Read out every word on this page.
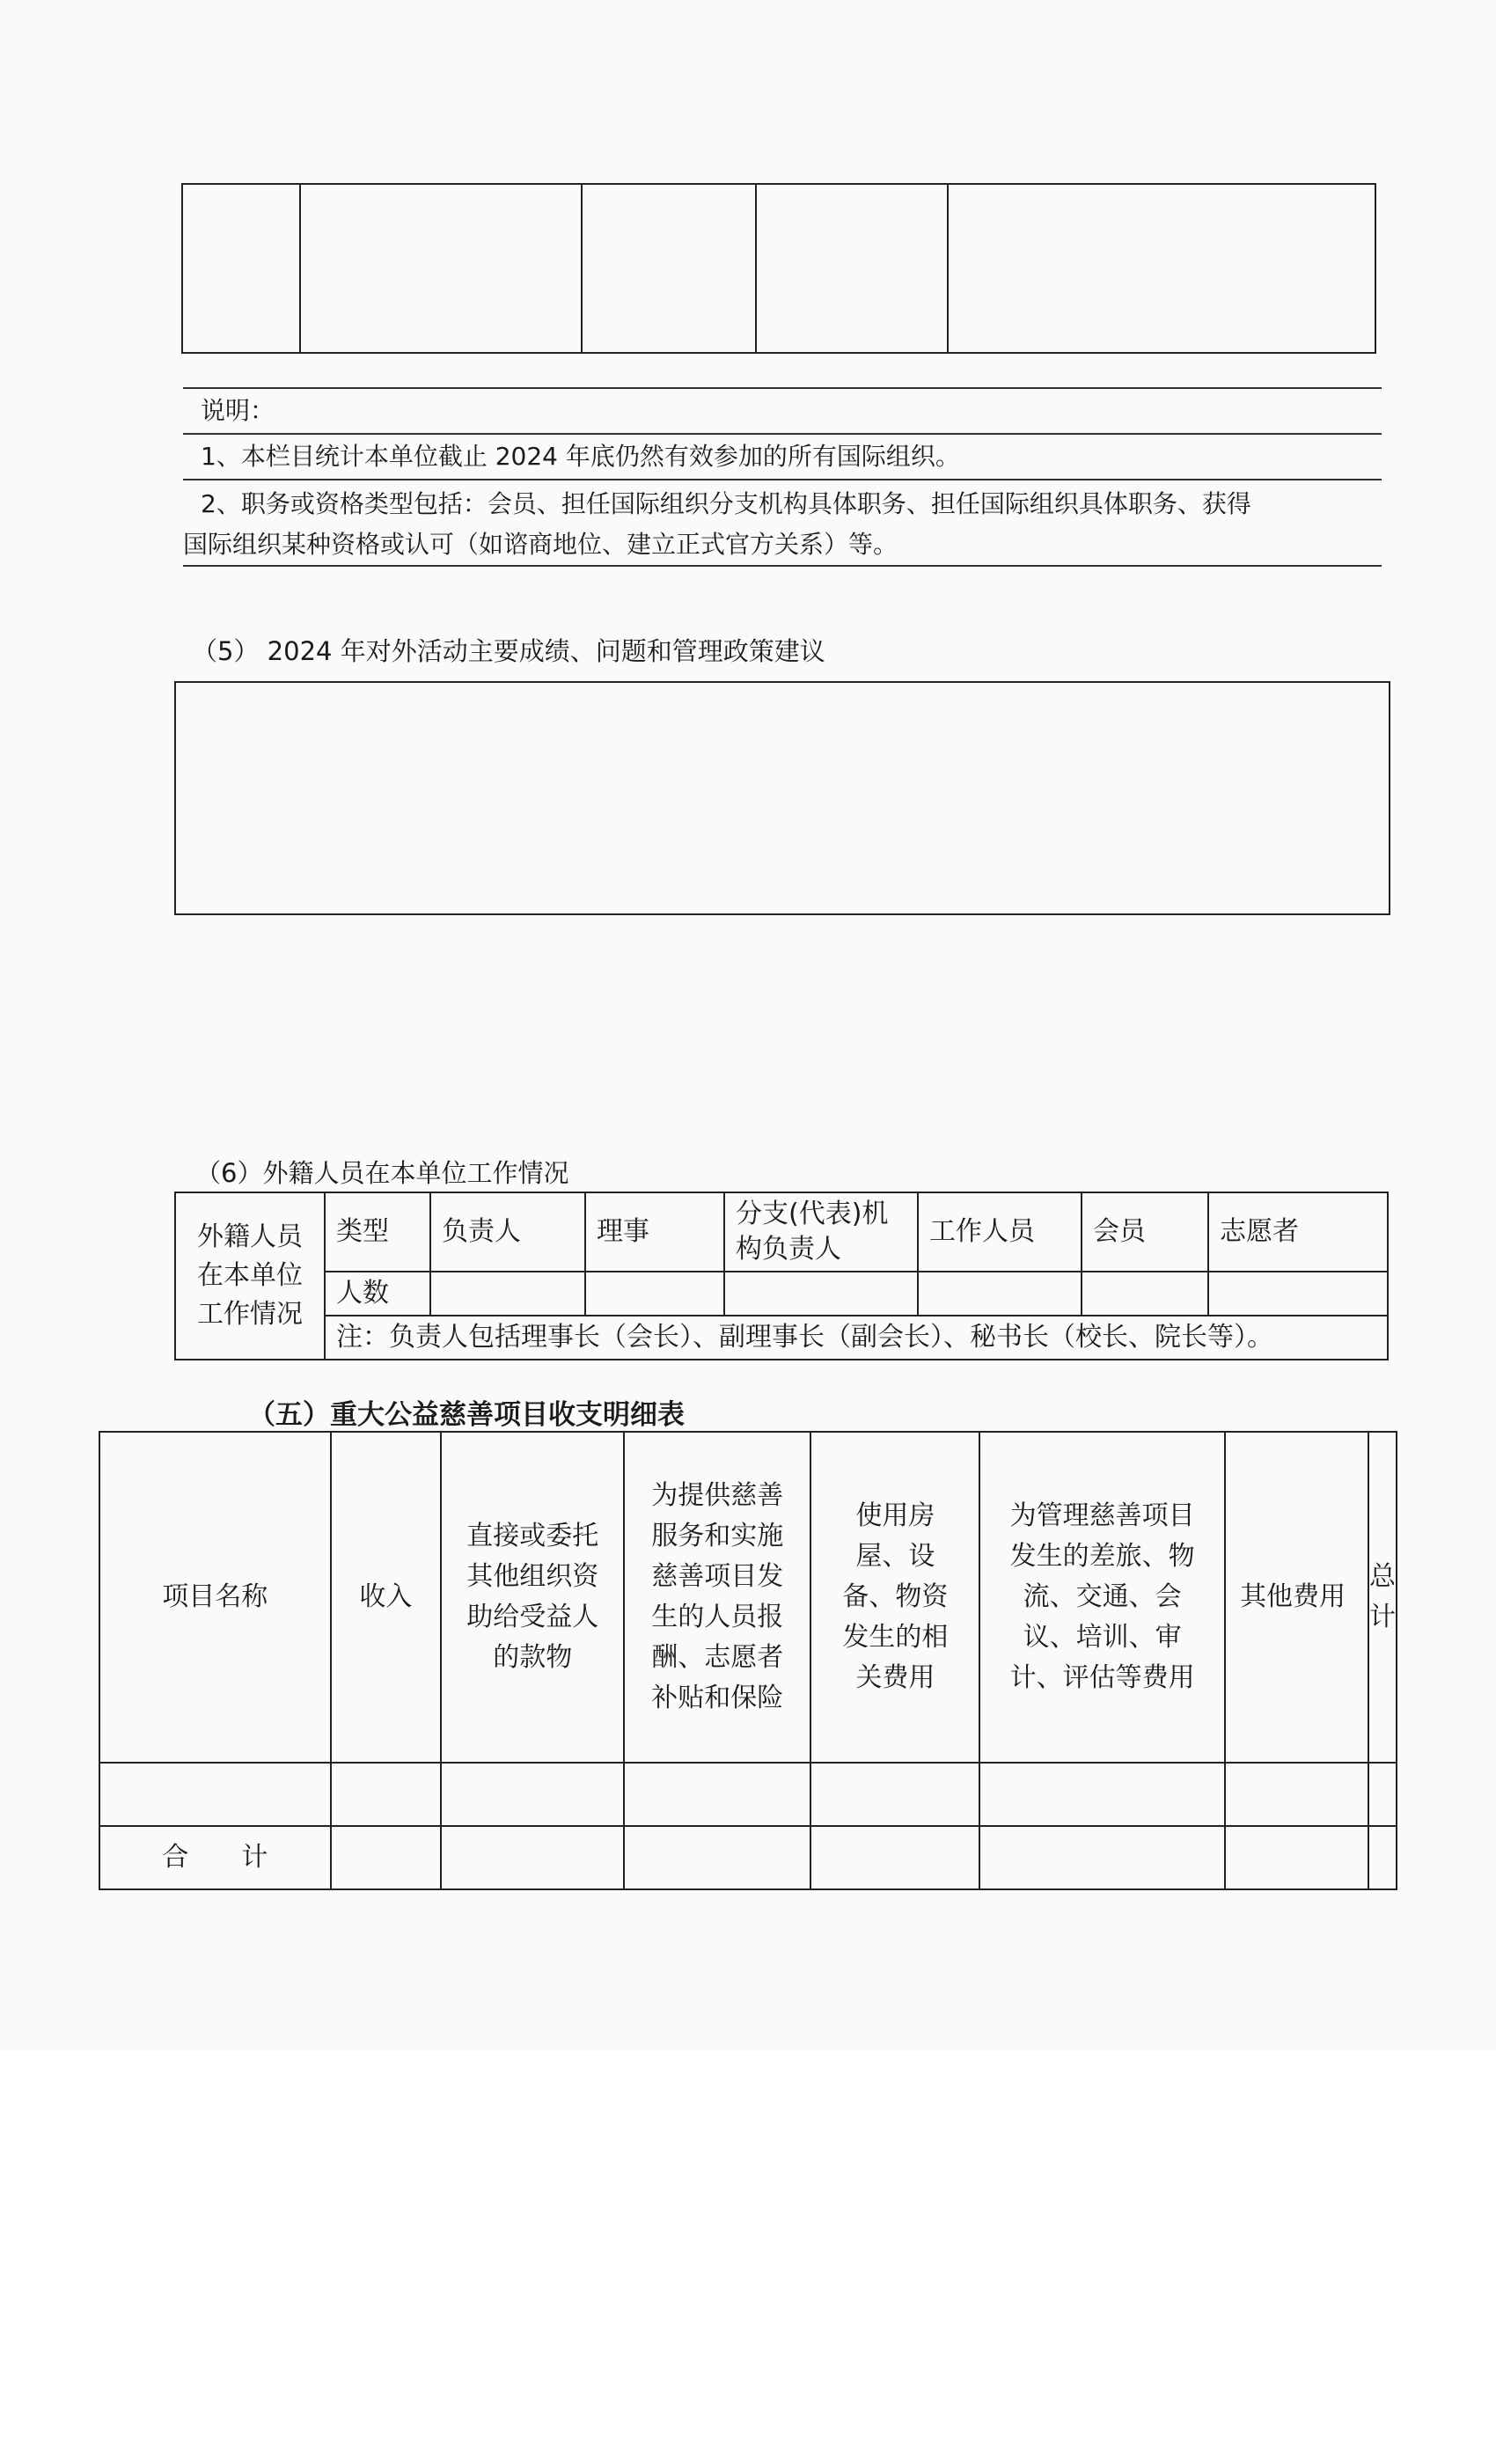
说明：
1、本栏目统计本单位截止 2024 年底仍然有效参加的所有国际组织。
2、职务或资格类型包括：会员、担任国际组织分支机构具体职务、担任国际组织具体职务、获得
国际组织某种资格或认可（如谘商地位、建立正式官方关系）等。
（5） 2024 年对外活动主要成绩、问题和管理政策建议
（6）外籍人员在本单位工作情况
外籍人员
在本单位
工作情况	类型	负责人	理事	分支(代表)机构负责人	工作人员	会员	志愿者
	人数						
	注：负责人包括理事长（会长）、副理事长（副会长）、秘书长（校长、院长等）。						
（五）重大公益慈善项目收支明细表
项目名称	收入	直接或委托其他组织资助给受益人的款物	为提供慈善服务和实施慈善项目发生的人员报酬、志愿者补贴和保险	使用房屋、设备、物资发生的相关费用	为管理慈善项目发生的差旅、物流、交通、会议、培训、审计、评估等费用	其他费用	总计

合　　计							
